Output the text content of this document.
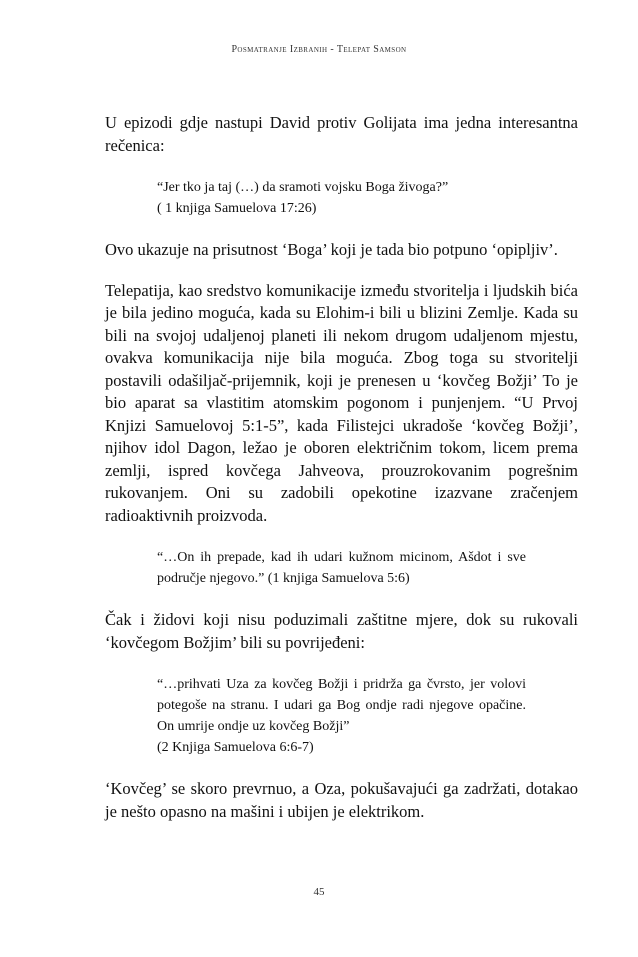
Posmatranje Izbranih - Telepat Samson

U epizodi gdje nastupi David protiv Golijata ima jedna interesantna rečenica:

“Jer tko ja taj (…) da sramoti vojsku Boga živoga?”
( 1 knjiga Samuelova 17:26)

Ovo ukazuje na prisutnost ‘Boga’ koji je tada bio potpuno ‘opipljiv’.

Telepatija, kao sredstvo komunikacije između stvoritelja i ljudskih bića je bila jedino moguća, kada su Elohim-i bili u blizini Zemlje. Kada su bili na svojoj udaljenoj planeti ili nekom drugom udaljenom mjestu, ovakva komunikacija nije bila moguća. Zbog toga su stvoritelji postavili odašiljač-prijemnik, koji je prenesen u ‘kovčeg Božji’ To je bio aparat sa vlastitim atomskim pogonom i punjenjem. “U Prvoj Knjizi Samuelovoj 5:1-5”, kada Filistejci ukradoše ‘kovčeg Božji’, njihov idol Dagon, ležao je oboren električnim tokom, licem prema zemlji, ispred kovčega Jahveova, prouzrokovanim pogrešnim rukovanjem. Oni su zadobili opekotine izazvane zračenjem radioaktivnih proizvoda.

“…On ih prepade, kad ih udari kužnom micinom, Ašdot i sve područje njegovo.” (1 knjiga Samuelova 5:6)

Čak i židovi koji nisu poduzimali zaštitne mjere, dok su rukovali ‘kovčegom Božjim’ bili su povrijeđeni:

“…prihvati Uza za kovčeg Božji i pridrža ga čvrsto, jer volovi potegoše na stranu. I udari ga Bog ondje radi njegove opačine. On umrije ondje uz kovčeg Božji”
(2 Knjiga Samuelova 6:6-7)

‘Kovčeg’ se skoro prevrnuo, a Oza, pokušavajući ga zadržati, dotakao je nešto opasno na mašini i ubijen je elektrikom.

45
